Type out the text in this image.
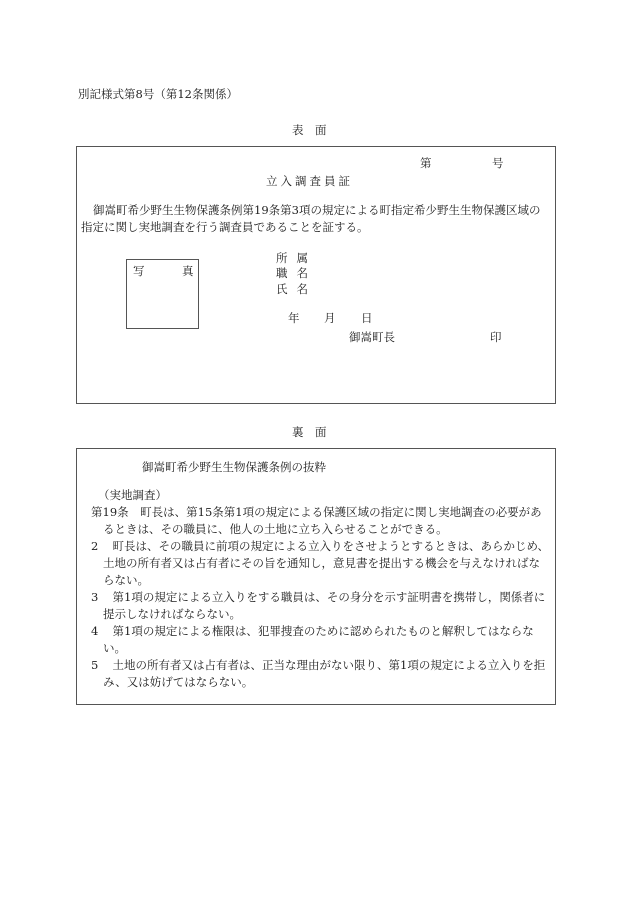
別記様式第8号（第12条関係）
表　面
第	号
立入調査員証
御嵩町希少野生生物保護条例第19条第3項の規定による町指定希少野生生物保護区域の
指定に関し実地調査を行う調査員であることを証する。
写	真
所属
職名
氏名
年 月 日
御嵩町長	印
裏　面
御嵩町希少野生生物保護条例の抜粋
（実地調査）
第19条　町長は、第15条第1項の規定による保護区域の指定に関し実地調査の必要があ
るときは、その職員に、他人の土地に立ち入らせることができる。
2 　町長は、その職員に前項の規定による立入りをさせようとするときは、あらかじめ、
土地の所有者又は占有者にその旨を通知し，意見書を提出する機会を与えなければな
らない。
3 　第1項の規定による立入りをする職員は、その身分を示す証明書を携帯し，関係者に
提示しなければならない。
4 　第1項の規定による権限は、犯罪捜査のために認められたものと解釈してはならな
い。
5 　土地の所有者又は占有者は、正当な理由がない限り、第1項の規定による立入りを拒
み、又は妨げてはならない。
